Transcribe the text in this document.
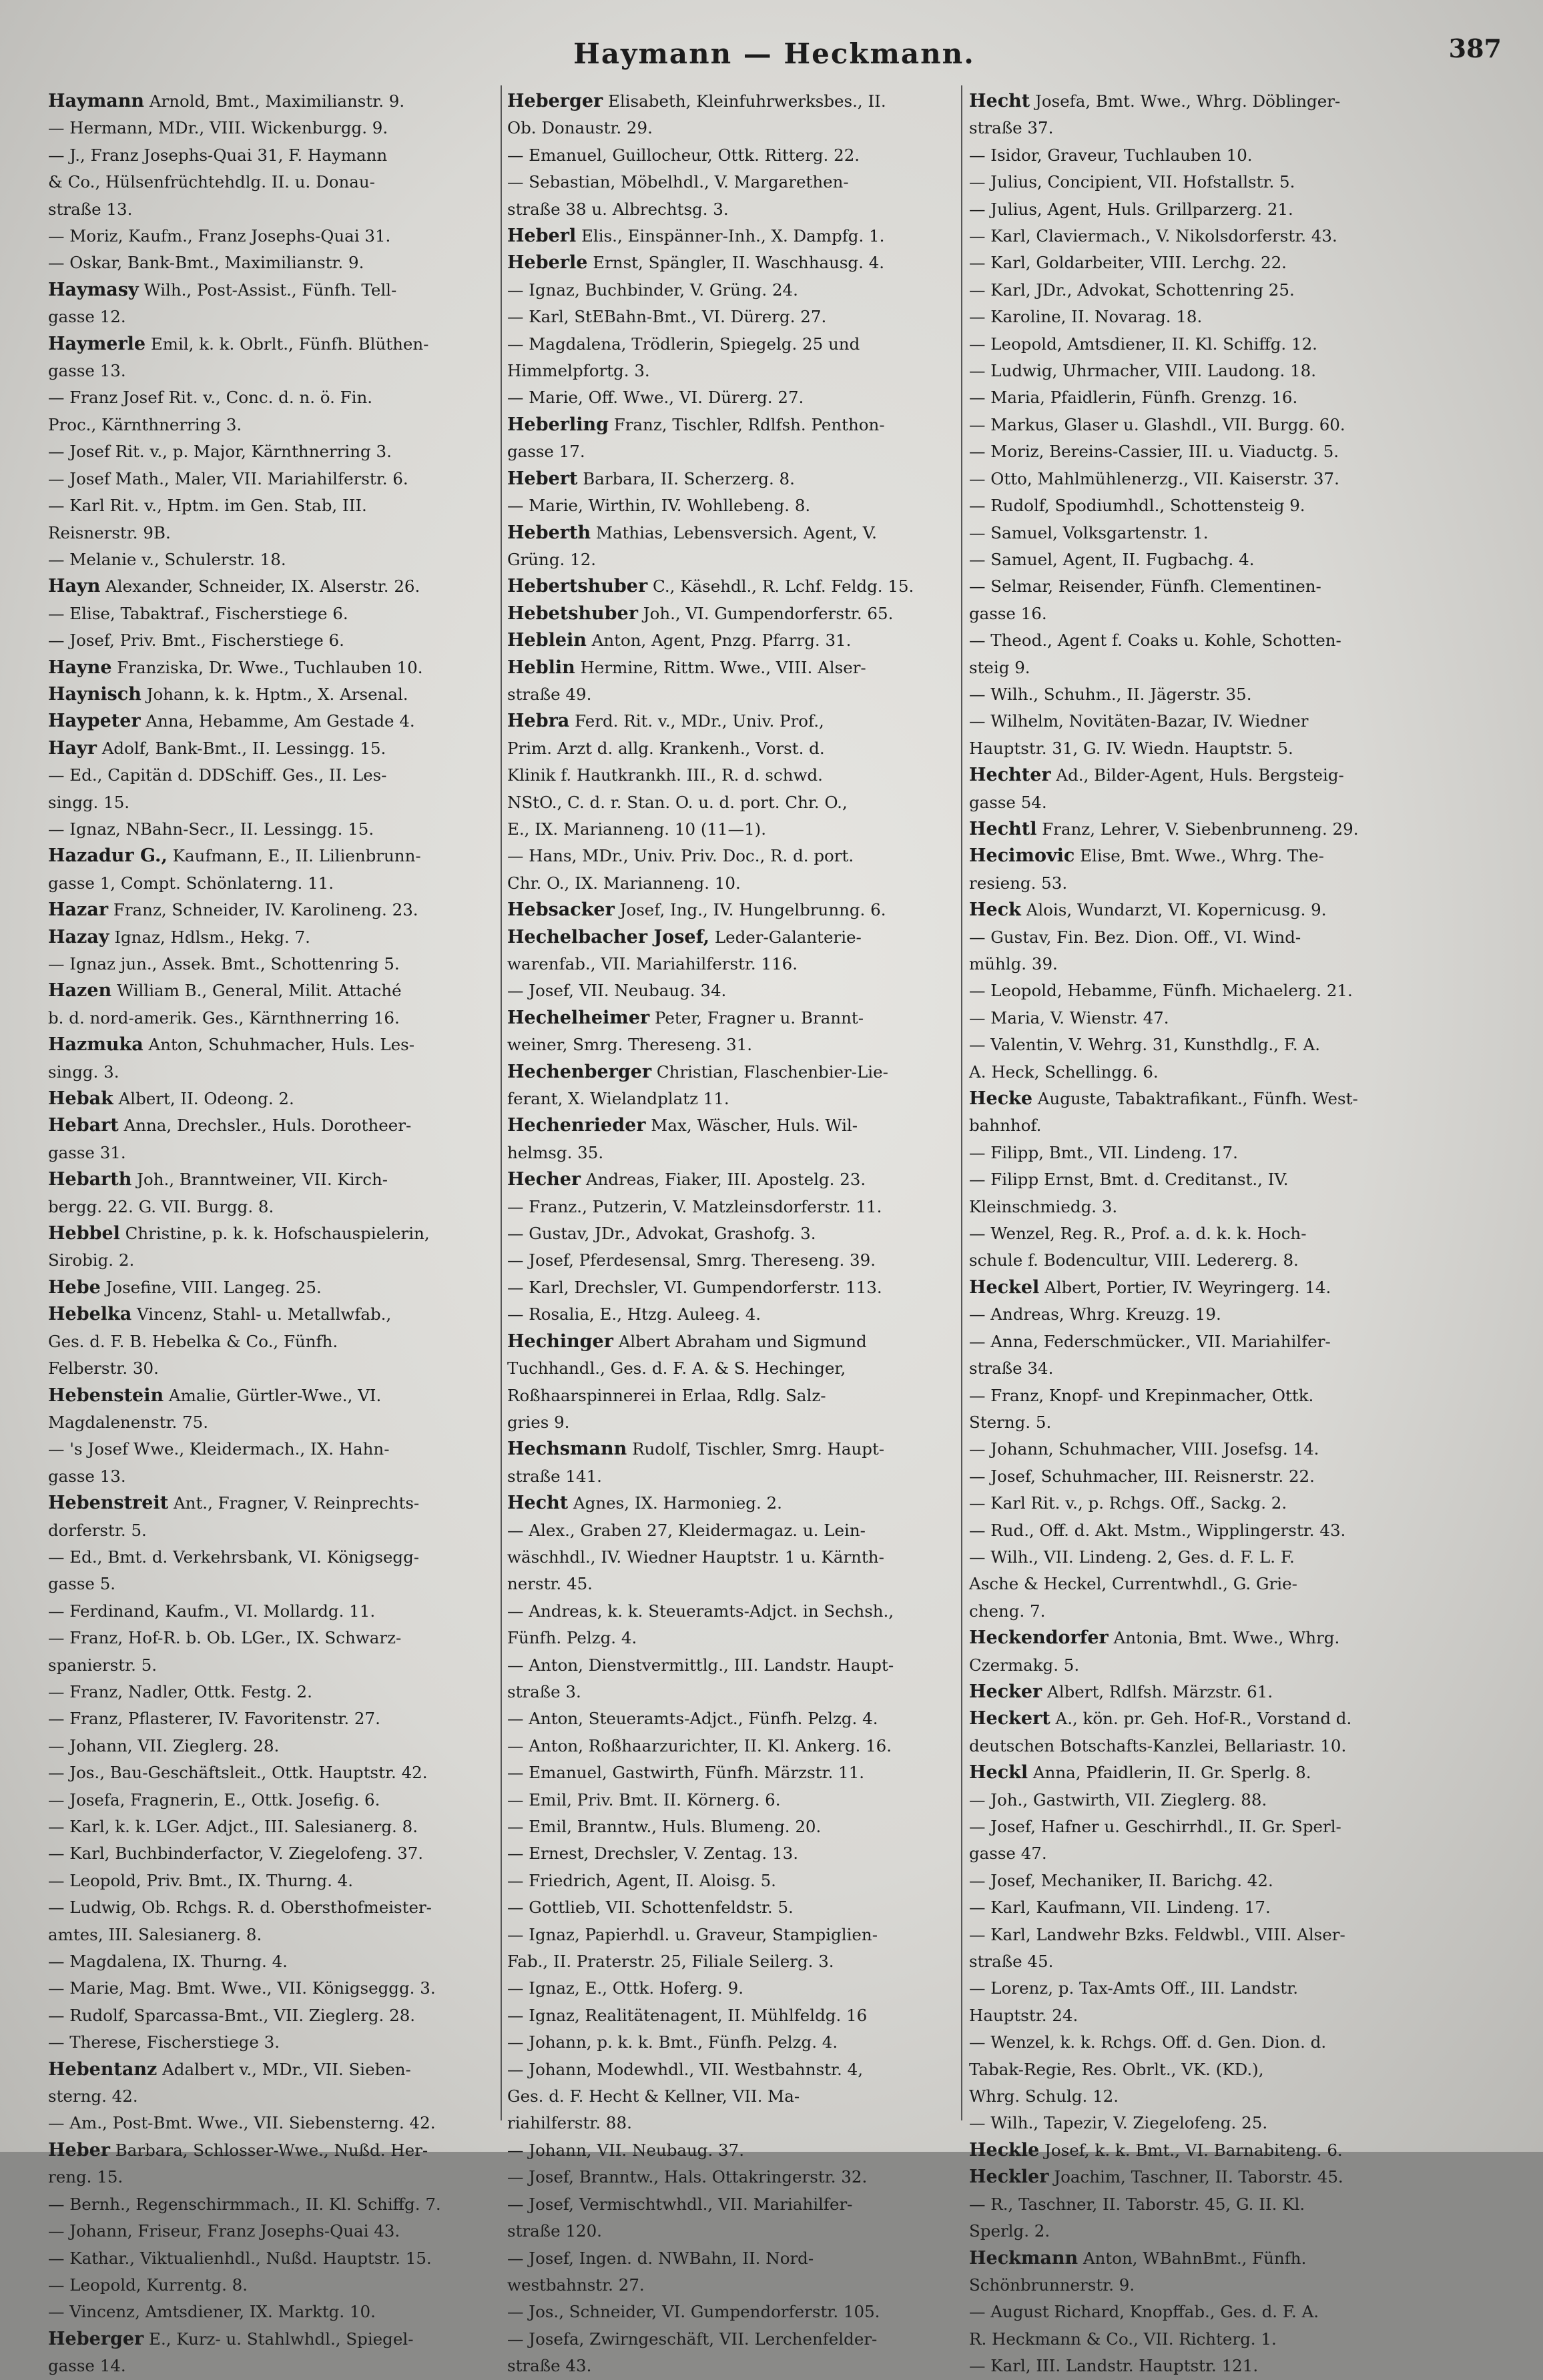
Haymann — Heckmann.	387
Haymann Arnold, Bmt., Maximilianstr. 9.
— Hermann, MDr., VIII. Wickenburgg. 9.
— J., Franz Josephs-Quai 31, F. Haymann
& Co., Hülsenfrüchtehdlg. II. u. Donau-
straße 13.
— Moriz, Kaufm., Franz Josephs-Quai 31.
— Oskar, Bank-Bmt., Maximilianstr. 9.
Haymasy Wilh., Post-Assist., Fünfh. Tell-
gasse 12.
Haymerle Emil, k. k. Obrlt., Fünfh. Blüthen-
gasse 13.
— Franz Josef Rit. v., Conc. d. n. ö. Fin.
Proc., Kärnthnerring 3.
— Josef Rit. v., p. Major, Kärnthnerring 3.
— Josef Math., Maler, VII. Mariahilferstr. 6.
— Karl Rit. v., Hptm. im Gen. Stab, III.
Reisnerstr. 9B.
— Melanie v., Schulerstr. 18.
Hayn Alexander, Schneider, IX. Alserstr. 26.
— Elise, Tabaktraf., Fischerstiege 6.
— Josef, Priv. Bmt., Fischerstiege 6.
Hayne Franziska, Dr. Wwe., Tuchlauben 10.
Haynisch Johann, k. k. Hptm., X. Arsenal.
Haypeter Anna, Hebamme, Am Gestade 4.
Hayr Adolf, Bank-Bmt., II. Lessingg. 15.
— Ed., Capitän d. DDSchiff. Ges., II. Les-
singg. 15.
— Ignaz, NBahn-Secr., II. Lessingg. 15.
Hazadur G., Kaufmann, E., II. Lilienbrunn-
gasse 1, Compt. Schönlaterng. 11.
Hazar Franz, Schneider, IV. Karolineng. 23.
Hazay Ignaz, Hdlsm., Hekg. 7.
— Ignaz jun., Assek. Bmt., Schottenring 5.
Hazen William B., General, Milit. Attaché
b. d. nord-amerik. Ges., Kärnthnerring 16.
Hazmuka Anton, Schuhmacher, Huls. Les-
singg. 3.
Hebak Albert, II. Odeong. 2.
Hebart Anna, Drechsler., Huls. Dorotheer-
gasse 31.
Hebarth Joh., Branntweiner, VII. Kirch-
bergg. 22. G. VII. Burgg. 8.
Hebbel Christine, p. k. k. Hofschauspielerin,
Sirobig. 2.
Hebe Josefine, VIII. Langeg. 25.
Hebelka Vincenz, Stahl- u. Metallwfab.,
Ges. d. F. B. Hebelka & Co., Fünfh.
Felberstr. 30.
Hebenstein Amalie, Gürtler-Wwe., VI.
Magdalenenstr. 75.
— 's Josef Wwe., Kleidermach., IX. Hahn-
gasse 13.
Hebenstreit Ant., Fragner, V. Reinprechts-
dorferstr. 5.
— Ed., Bmt. d. Verkehrsbank, VI. Königsegg-
gasse 5.
— Ferdinand, Kaufm., VI. Mollardg. 11.
— Franz, Hof-R. b. Ob. LGer., IX. Schwarz-
spanierstr. 5.
— Franz, Nadler, Ottk. Festg. 2.
— Franz, Pflasterer, IV. Favoritenstr. 27.
— Johann, VII. Zieglerg. 28.
— Jos., Bau-Geschäftsleit., Ottk. Hauptstr. 42.
— Josefa, Fragnerin, E., Ottk. Josefig. 6.
— Karl, k. k. LGer. Adjct., III. Salesianerg. 8.
— Karl, Buchbinderfactor, V. Ziegelofeng. 37.
— Leopold, Priv. Bmt., IX. Thurng. 4.
— Ludwig, Ob. Rchgs. R. d. Obersthofmeister-
amtes, III. Salesianerg. 8.
— Magdalena, IX. Thurng. 4.
— Marie, Mag. Bmt. Wwe., VII. Königseggg. 3.
— Rudolf, Sparcassa-Bmt., VII. Zieglerg. 28.
— Therese, Fischerstiege 3.
Hebentanz Adalbert v., MDr., VII. Sieben-
sterng. 42.
— Am., Post-Bmt. Wwe., VII. Siebensterng. 42.
Heber Barbara, Schlosser-Wwe., Nußd. Her-
reng. 15.
— Bernh., Regenschirmmach., II. Kl. Schiffg. 7.
— Johann, Friseur, Franz Josephs-Quai 43.
— Kathar., Viktualienhdl., Nußd. Hauptstr. 15.
— Leopold, Kurrentg. 8.
— Vincenz, Amtsdiener, IX. Marktg. 10.
Heberger E., Kurz- u. Stahlwhdl., Spiegel-
gasse 14.
Heberger Elisabeth, Kleinfuhrwerksbes., II.
Ob. Donaustr. 29.
— Emanuel, Guillocheur, Ottk. Ritterg. 22.
— Sebastian, Möbelhdl., V. Margarethen-
straße 38 u. Albrechtsg. 3.
Heberl Elis., Einspänner-Inh., X. Dampfg. 1.
Heberle Ernst, Spängler, II. Waschhausg. 4.
— Ignaz, Buchbinder, V. Grüng. 24.
— Karl, StEBahn-Bmt., VI. Dürerg. 27.
— Magdalena, Trödlerin, Spiegelg. 25 und
Himmelpfortg. 3.
— Marie, Off. Wwe., VI. Dürerg. 27.
Heberling Franz, Tischler, Rdlfsh. Penthon-
gasse 17.
Hebert Barbara, II. Scherzerg. 8.
— Marie, Wirthin, IV. Wohllebeng. 8.
Heberth Mathias, Lebensversich. Agent, V.
Grüng. 12.
Hebertshuber C., Käsehdl., R. Lchf. Feldg. 15.
Hebetshuber Joh., VI. Gumpendorferstr. 65.
Heblein Anton, Agent, Pnzg. Pfarrg. 31.
Heblin Hermine, Rittm. Wwe., VIII. Alser-
straße 49.
Hebra Ferd. Rit. v., MDr., Univ. Prof.,
Prim. Arzt d. allg. Krankenh., Vorst. d.
Klinik f. Hautkrankh. III., R. d. schwd.
NStO., C. d. r. Stan. O. u. d. port. Chr. O.,
E., IX. Marianneng. 10 (11—1).
— Hans, MDr., Univ. Priv. Doc., R. d. port.
Chr. O., IX. Marianneng. 10.
Hebsacker Josef, Ing., IV. Hungelbrunng. 6.
Hechelbacher Josef, Leder-Galanterie-
warenfab., VII. Mariahilferstr. 116.
— Josef, VII. Neubaug. 34.
Hechelheimer Peter, Fragner u. Brannt-
weiner, Smrg. Thereseng. 31.
Hechenberger Christian, Flaschenbier-Lie-
ferant, X. Wielandplatz 11.
Hechenrieder Max, Wäscher, Huls. Wil-
helmsg. 35.
Hecher Andreas, Fiaker, III. Apostelg. 23.
— Franz., Putzerin, V. Matzleinsdorferstr. 11.
— Gustav, JDr., Advokat, Grashofg. 3.
— Josef, Pferdesensal, Smrg. Thereseng. 39.
— Karl, Drechsler, VI. Gumpendorferstr. 113.
— Rosalia, E., Htzg. Auleeg. 4.
Hechinger Albert Abraham und Sigmund
Tuchhandl., Ges. d. F. A. & S. Hechinger,
Roßhaarspinnerei in Erlaa, Rdlg. Salz-
gries 9.
Hechsmann Rudolf, Tischler, Smrg. Haupt-
straße 141.
Hecht Agnes, IX. Harmonieg. 2.
— Alex., Graben 27, Kleidermagaz. u. Lein-
wäschhdl., IV. Wiedner Hauptstr. 1 u. Kärnth-
nerstr. 45.
— Andreas, k. k. Steueramts-Adjct. in Sechsh.,
Fünfh. Pelzg. 4.
— Anton, Dienstvermittlg., III. Landstr. Haupt-
straße 3.
— Anton, Steueramts-Adjct., Fünfh. Pelzg. 4.
— Anton, Roßhaarzurichter, II. Kl. Ankerg. 16.
— Emanuel, Gastwirth, Fünfh. Märzstr. 11.
— Emil, Priv. Bmt. II. Körnerg. 6.
— Emil, Branntw., Huls. Blumeng. 20.
— Ernest, Drechsler, V. Zentag. 13.
— Friedrich, Agent, II. Aloisg. 5.
— Gottlieb, VII. Schottenfeldstr. 5.
— Ignaz, Papierhdl. u. Graveur, Stampiglien-
Fab., II. Praterstr. 25, Filiale Seilerg. 3.
— Ignaz, E., Ottk. Hoferg. 9.
— Ignaz, Realitätenagent, II. Mühlfeldg. 16
— Johann, p. k. k. Bmt., Fünfh. Pelzg. 4.
— Johann, Modewhdl., VII. Westbahnstr. 4,
Ges. d. F. Hecht & Kellner, VII. Ma-
riahilferstr. 88.
— Johann, VII. Neubaug. 37.
— Josef, Branntw., Hals. Ottakringerstr. 32.
— Josef, Vermischtwhdl., VII. Mariahilfer-
straße 120.
— Josef, Ingen. d. NWBahn, II. Nord-
westbahnstr. 27.
— Jos., Schneider, VI. Gumpendorferstr. 105.
— Josefa, Zwirngeschäft, VII. Lerchenfelder-
straße 43.
Hecht Josefa, Bmt. Wwe., Whrg. Döblinger-
straße 37.
— Isidor, Graveur, Tuchlauben 10.
— Julius, Concipient, VII. Hofstallstr. 5.
— Julius, Agent, Huls. Grillparzerg. 21.
— Karl, Claviermach., V. Nikolsdorferstr. 43.
— Karl, Goldarbeiter, VIII. Lerchg. 22.
— Karl, JDr., Advokat, Schottenring 25.
— Karoline, II. Novarag. 18.
— Leopold, Amtsdiener, II. Kl. Schiffg. 12.
— Ludwig, Uhrmacher, VIII. Laudong. 18.
— Maria, Pfaidlerin, Fünfh. Grenzg. 16.
— Markus, Glaser u. Glashdl., VII. Burgg. 60.
— Moriz, Bereins-Cassier, III. u. Viaductg. 5.
— Otto, Mahlmühlenerzg., VII. Kaiserstr. 37.
— Rudolf, Spodiumhdl., Schottensteig 9.
— Samuel, Volksgartenstr. 1.
— Samuel, Agent, II. Fugbachg. 4.
— Selmar, Reisender, Fünfh. Clementinen-
gasse 16.
— Theod., Agent f. Coaks u. Kohle, Schotten-
steig 9.
— Wilh., Schuhm., II. Jägerstr. 35.
— Wilhelm, Novitäten-Bazar, IV. Wiedner
Hauptstr. 31, G. IV. Wiedn. Hauptstr. 5.
Hechter Ad., Bilder-Agent, Huls. Bergsteig-
gasse 54.
Hechtl Franz, Lehrer, V. Siebenbrunneng. 29.
Hecimovic Elise, Bmt. Wwe., Whrg. The-
resieng. 53.
Heck Alois, Wundarzt, VI. Kopernicusg. 9.
— Gustav, Fin. Bez. Dion. Off., VI. Wind-
mühlg. 39.
— Leopold, Hebamme, Fünfh. Michaelerg. 21.
— Maria, V. Wienstr. 47.
— Valentin, V. Wehrg. 31, Kunsthdlg., F. A.
A. Heck, Schellingg. 6.
Hecke Auguste, Tabaktrafikant., Fünfh. West-
bahnhof.
— Filipp, Bmt., VII. Lindeng. 17.
— Filipp Ernst, Bmt. d. Creditanst., IV.
Kleinschmiedg. 3.
— Wenzel, Reg. R., Prof. a. d. k. k. Hoch-
schule f. Bodencultur, VIII. Ledererg. 8.
Heckel Albert, Portier, IV. Weyringerg. 14.
— Andreas, Whrg. Kreuzg. 19.
— Anna, Federschmücker., VII. Mariahilfer-
straße 34.
— Franz, Knopf- und Krepinmacher, Ottk.
Sterng. 5.
— Johann, Schuhmacher, VIII. Josefsg. 14.
— Josef, Schuhmacher, III. Reisnerstr. 22.
— Karl Rit. v., p. Rchgs. Off., Sackg. 2.
— Rud., Off. d. Akt. Mstm., Wipplingerstr. 43.
— Wilh., VII. Lindeng. 2, Ges. d. F. L. F.
Asche & Heckel, Currentwhdl., G. Grie-
cheng. 7.
Heckendorfer Antonia, Bmt. Wwe., Whrg.
Czermakg. 5.
Hecker Albert, Rdlfsh. Märzstr. 61.
Heckert A., kön. pr. Geh. Hof-R., Vorstand d.
deutschen Botschafts-Kanzlei, Bellariastr. 10.
Heckl Anna, Pfaidlerin, II. Gr. Sperlg. 8.
— Joh., Gastwirth, VII. Zieglerg. 88.
— Josef, Hafner u. Geschirrhdl., II. Gr. Sperl-
gasse 47.
— Josef, Mechaniker, II. Barichg. 42.
— Karl, Kaufmann, VII. Lindeng. 17.
— Karl, Landwehr Bzks. Feldwbl., VIII. Alser-
straße 45.
— Lorenz, p. Tax-Amts Off., III. Landstr.
Hauptstr. 24.
— Wenzel, k. k. Rchgs. Off. d. Gen. Dion. d.
Tabak-Regie, Res. Obrlt., VK. (KD.),
Whrg. Schulg. 12.
— Wilh., Tapezir, V. Ziegelofeng. 25.
Heckle Josef, k. k. Bmt., VI. Barnabiteng. 6.
Heckler Joachim, Taschner, II. Taborstr. 45.
— R., Taschner, II. Taborstr. 45, G. II. Kl.
Sperlg. 2.
Heckmann Anton, WBahnBmt., Fünfh.
Schönbrunnerstr. 9.
— August Richard, Knopffab., Ges. d. F. A.
R. Heckmann & Co., VII. Richterg. 1.
— Karl, III. Landstr. Hauptstr. 121.
